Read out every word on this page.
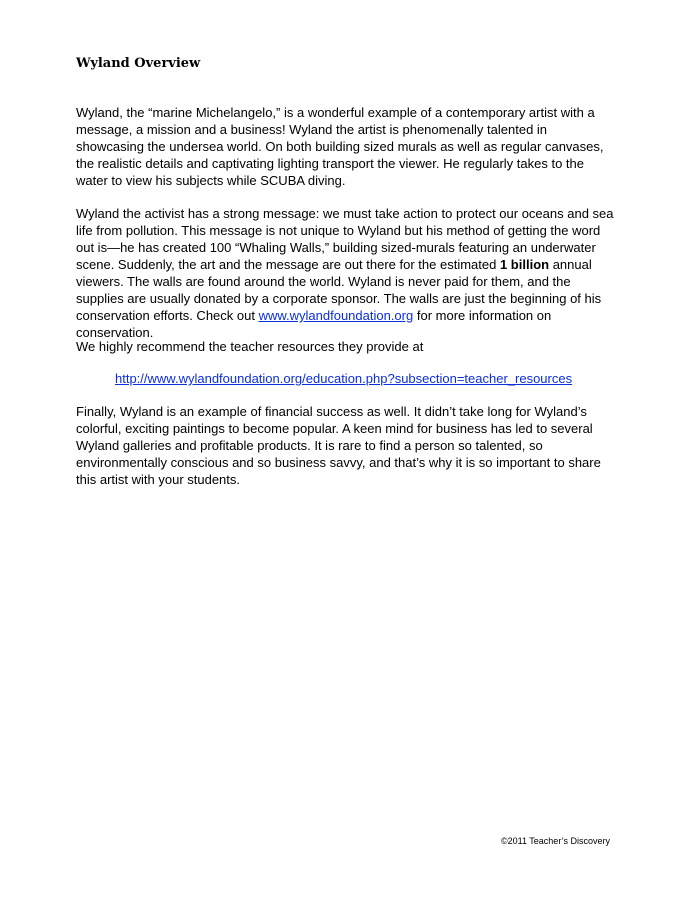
Wyland Overview
Wyland, the “marine Michelangelo,” is a wonderful example of a contemporary artist with a message, a mission and a business! Wyland the artist is phenomenally talented in showcasing the undersea world. On both building sized murals as well as regular canvases, the realistic details and captivating lighting transport the viewer. He regularly takes to the water to view his subjects while SCUBA diving.
Wyland the activist has a strong message: we must take action to protect our oceans and sea life from pollution. This message is not unique to Wyland but his method of getting the word out is—he has created 100 “Whaling Walls,” building sized-murals featuring an underwater scene. Suddenly, the art and the message are out there for the estimated 1 billion annual viewers. The walls are found around the world. Wyland is never paid for them, and the supplies are usually donated by a corporate sponsor. The walls are just the beginning of his conservation efforts. Check out www.wylandfoundation.org for more information on conservation.
We highly recommend the teacher resources they provide at
http://www.wylandfoundation.org/education.php?subsection=teacher_resources
Finally, Wyland is an example of financial success as well. It didn’t take long for Wyland’s colorful, exciting paintings to become popular. A keen mind for business has led to several Wyland galleries and profitable products. It is rare to find a person so talented, so environmentally conscious and so business savvy, and that’s why it is so important to share this artist with your students.
©2011 Teacher’s Discovery
